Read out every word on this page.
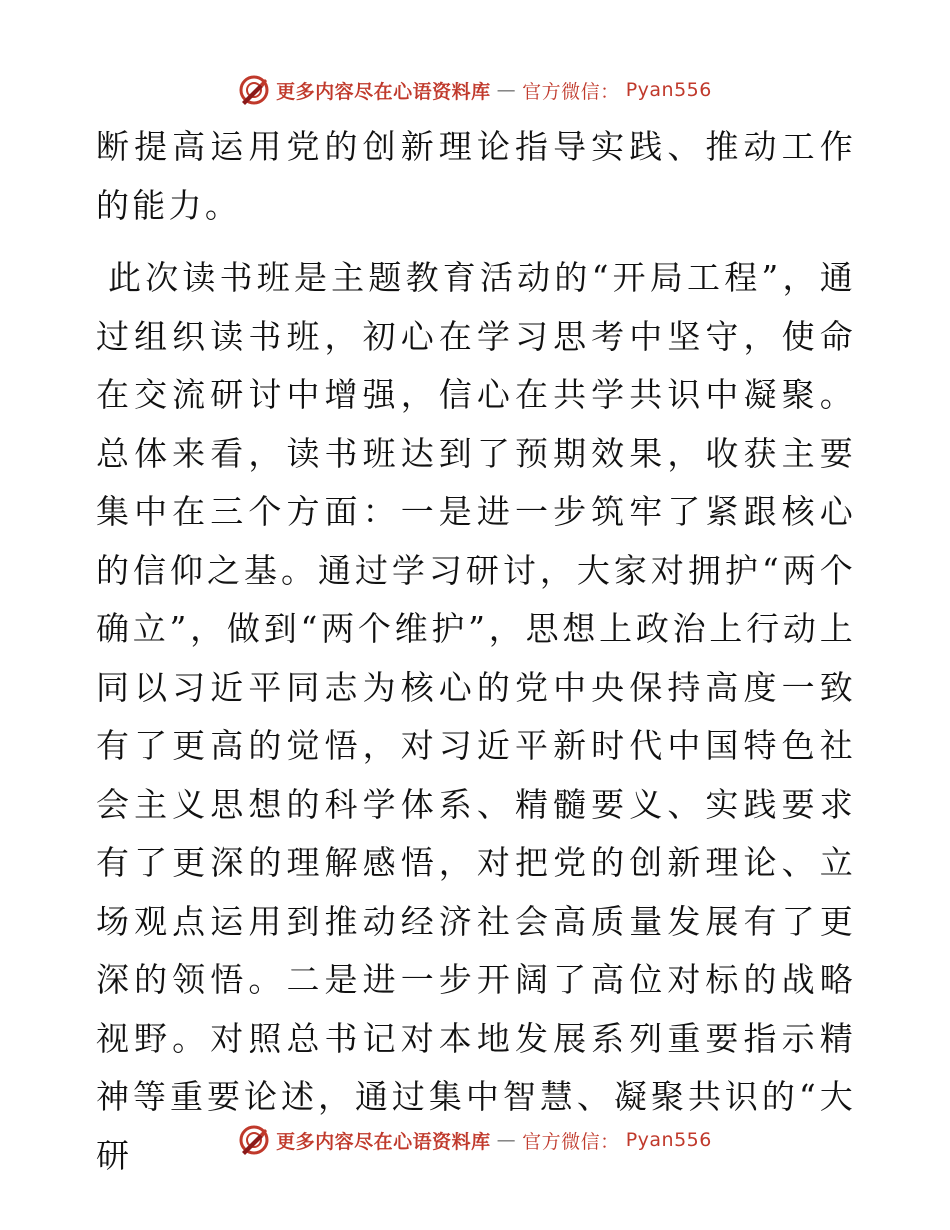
更多内容尽在心语资料库 — 官方微信： Pyan556

断提高运用党的创新理论指导实践、推动工作的能力。

此次读书班是主题教育活动的“开局工程”，通过组织读书班，初心在学习思考中坚守，使命在交流研讨中增强，信心在共学共识中凝聚。总体来看，读书班达到了预期效果，收获主要集中在三个方面：一是进一步筑牢了紧跟核心的信仰之基。通过学习研讨，大家对拥护“两个确立”，做到“两个维护”，思想上政治上行动上同以习近平同志为核心的党中央保持高度一致有了更高的觉悟，对习近平新时代中国特色社会主义思想的科学体系、精髓要义、实践要求有了更深的理解感悟，对把党的创新理论、立场观点运用到推动经济社会高质量发展有了更深的领悟。二是进一步开阔了高位对标的战略视野。对照总书记对本地发展系列重要指示精神等重要论述，通过集中智慧、凝聚共识的“大研	更多内容尽在心语资料库 — 官方微信： Pyan556
